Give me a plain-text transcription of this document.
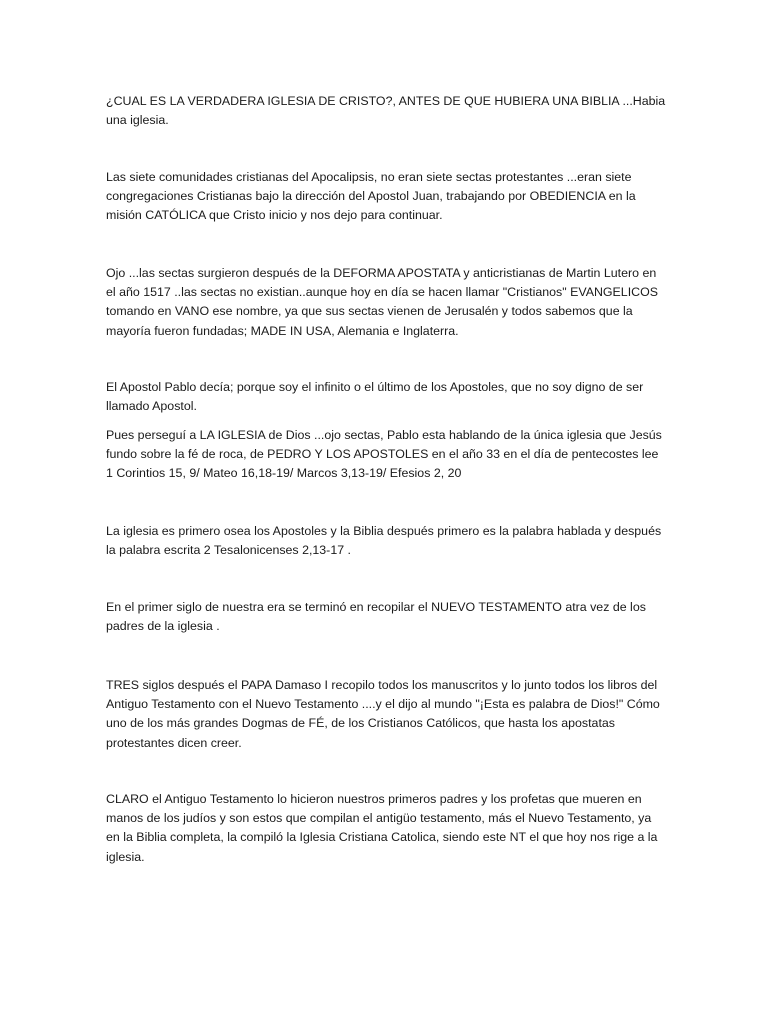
¿CUAL ES LA VERDADERA IGLESIA DE CRISTO?, ANTES DE QUE HUBIERA UNA BIBLIA ...Habia una iglesia.

Las siete comunidades cristianas del Apocalipsis, no eran siete sectas protestantes ...eran siete congregaciones Cristianas bajo la dirección del Apostol Juan, trabajando por OBEDIENCIA en la misión CATÓLICA que Cristo inicio y nos dejo para continuar.

Ojo ...las sectas surgieron después de la DEFORMA APOSTATA y anticristianas de Martin Lutero en el año 1517 ..las sectas no existian..aunque hoy en día se hacen llamar "Cristianos" EVANGELICOS tomando en VANO ese nombre, ya que sus sectas vienen de Jerusalén y todos sabemos que la mayoría fueron fundadas; MADE IN USA, Alemania e Inglaterra.

El Apostol Pablo decía; porque soy el infinito o el último de los Apostoles, que no soy digno de ser llamado Apostol.

Pues perseguí a LA IGLESIA de Dios ...ojo sectas, Pablo esta hablando de la única iglesia que Jesús fundo sobre la fé de roca, de PEDRO Y LOS APOSTOLES en el año 33 en el día de pentecostes lee 1 Corintios 15, 9/ Mateo 16,18-19/ Marcos 3,13-19/ Efesios 2, 20

La iglesia es primero osea los Apostoles y la Biblia después primero es la palabra hablada y después la palabra escrita 2 Tesalonicenses 2,13-17 .

En el primer siglo de nuestra era se terminó en recopilar el NUEVO TESTAMENTO atra vez de los padres de la iglesia .

TRES siglos después el PAPA Damaso I recopilo todos los manuscritos y lo junto todos los libros del Antiguo Testamento con el Nuevo Testamento ....y el dijo al mundo "¡Esta es palabra de Dios!" Cómo uno de los más grandes Dogmas de FÉ, de los Cristianos Católicos, que hasta los apostatas protestantes dicen creer.

CLARO el Antiguo Testamento lo hicieron nuestros primeros padres y los profetas que mueren en manos de los judíos y son estos que compilan el antigüo testamento, más el Nuevo Testamento, ya en la Biblia completa, la compiló la Iglesia Cristiana Catolica, siendo este NT el que hoy nos rige a la iglesia.
